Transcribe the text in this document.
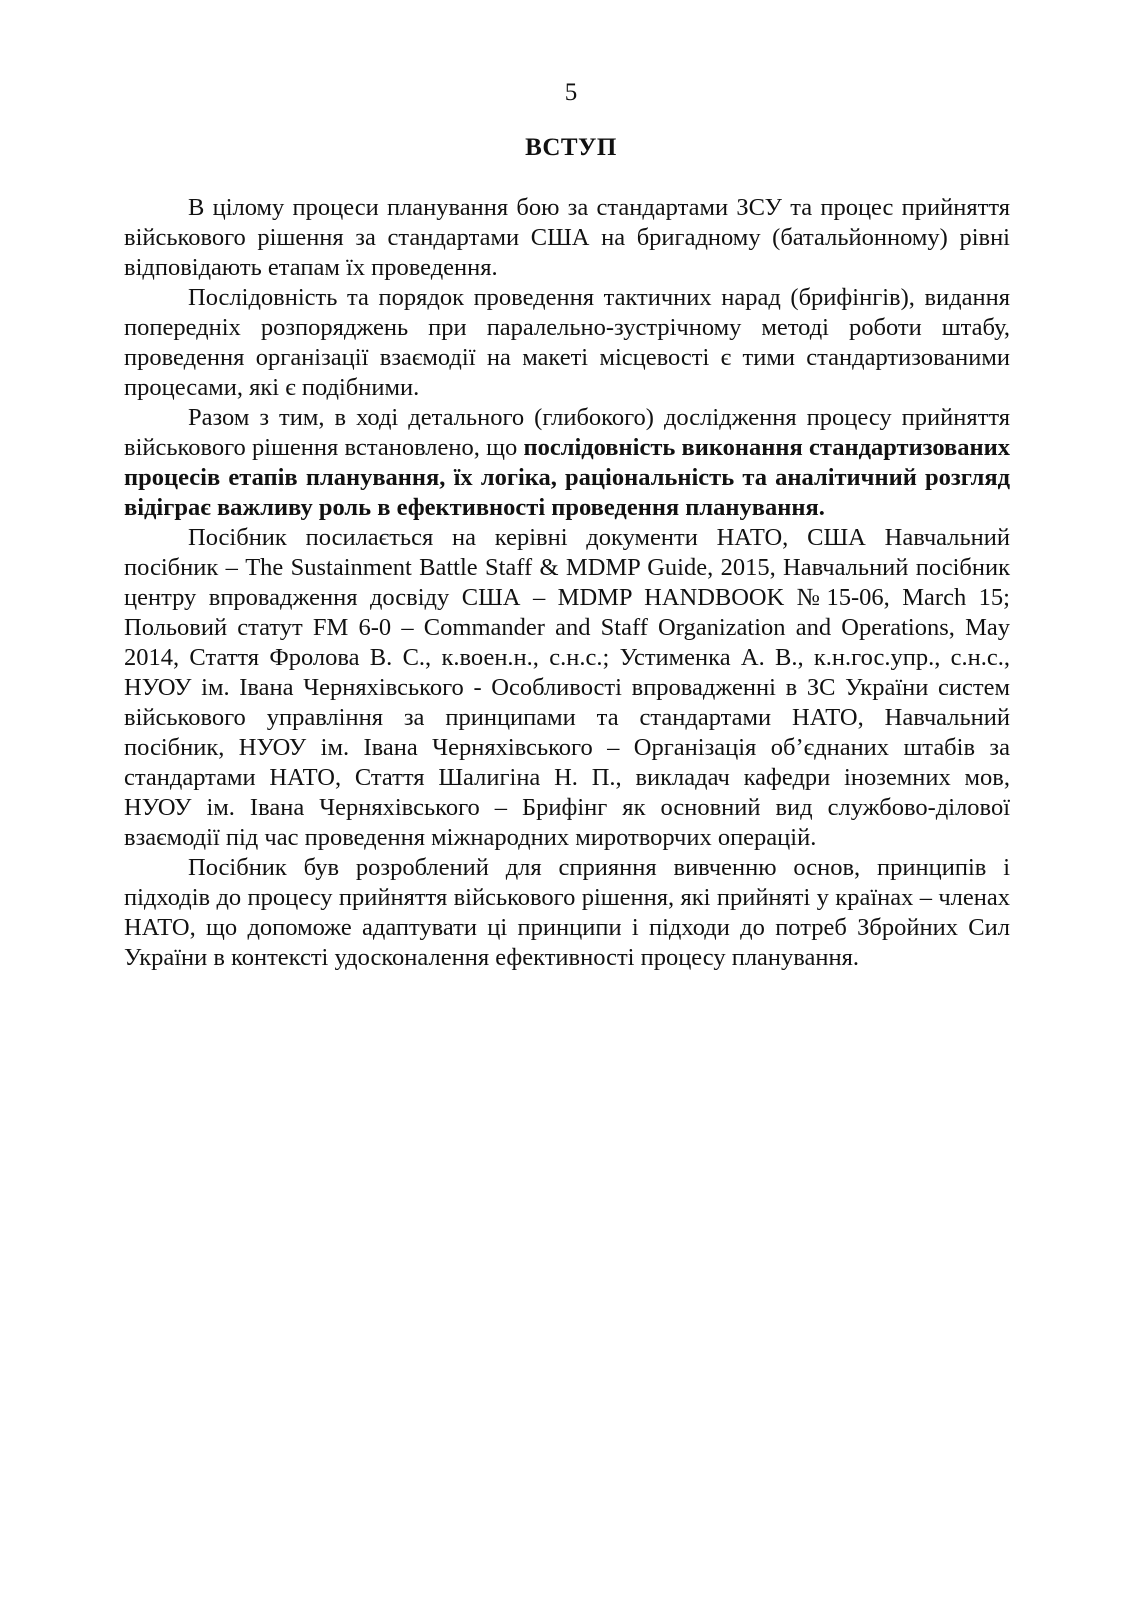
5
ВСТУП

В цілому процеси планування бою за стандартами ЗСУ та процес прийняття військового рішення за стандартами США на бригадному (батальйонному) рівні відповідають етапам їх проведення.

Послідовність та порядок проведення тактичних нарад (брифінгів), видання попередніх розпоряджень при паралельно-зустрічному методі роботи штабу, проведення організації взаємодії на макеті місцевості є тими стандартизованими процесами, які є подібними.

Разом з тим, в ході детального (глибокого) дослідження процесу прийняття військового рішення встановлено, що послідовність виконання стандартизованих процесів етапів планування, їх логіка, раціональність та аналітичний розгляд відіграє важливу роль в ефективності проведення планування.

Посібник посилається на керівні документи НАТО, США Навчальний посібник – The Sustainment Battle Staff & MDMP Guide, 2015, Навчальний посібник центру впровадження досвіду США – MDMP HANDBOOK №15-06, March 15; Польовий статут FM 6-0 – Commander and Staff Organization and Operations, May 2014, Стаття Фролова В. С., к.воен.н., с.н.с.; Устименка А. В., к.н.гос.упр., с.н.с., НУОУ ім. Івана Черняхівського - Особливості впровадженні в ЗС України систем військового управління за принципами та стандартами НАТО, Навчальний посібник, НУОУ ім. Івана Черняхівського – Організація об’єднаних штабів за стандартами НАТО, Стаття Шалигіна Н. П., викладач кафедри іноземних мов, НУОУ ім. Івана Черняхівського – Брифінг як основний вид службово-ділової взаємодії під час проведення міжнародних миротворчих операцій.

Посібник був розроблений для сприяння вивченню основ, принципів і підходів до процесу прийняття військового рішення, які прийняті у країнах – членах НАТО, що допоможе адаптувати ці принципи і підходи до потреб Збройних Сил України в контексті удосконалення ефективності процесу планування.
